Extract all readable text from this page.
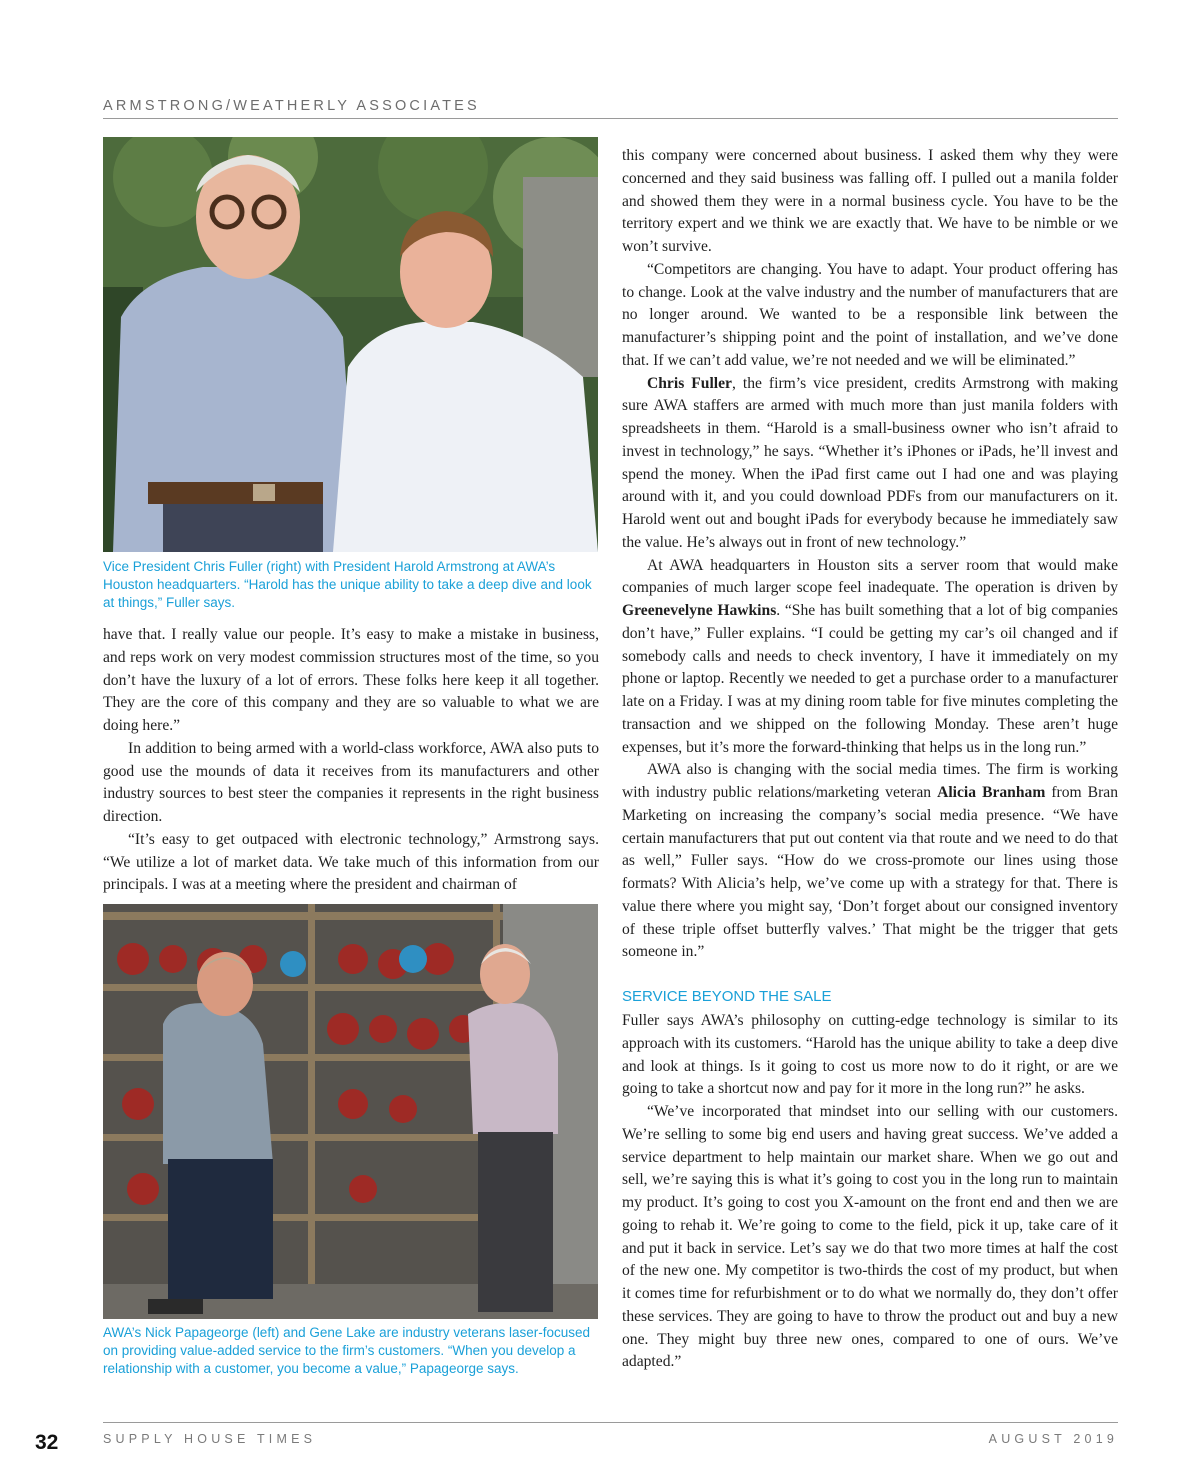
ARMSTRONG/WEATHERLY ASSOCIATES
Vice President Chris Fuller (right) with President Harold Armstrong at AWA’s Houston headquarters. “Harold has the unique ability to take a deep dive and look at things,” Fuller says.

have that. I really value our people. It’s easy to make a mistake in business, and reps work on very modest commission structures most of the time, so you don’t have the luxury of a lot of errors. These folks here keep it all together. They are the core of this company and they are so valuable to what we are doing here.”

In addition to being armed with a world-class workforce, AWA also puts to good use the mounds of data it receives from its manufacturers and other industry sources to best steer the companies it represents in the right business direction.

“It’s easy to get outpaced with electronic technology,” Armstrong says. “We utilize a lot of market data. We take much of this information from our principals. I was at a meeting where the president and chairman of

AWA’s Nick Papageorge (left) and Gene Lake are industry veterans laser-focused on providing value-added service to the firm’s customers. “When you develop a relationship with a customer, you become a value,” Papageorge says.

this company were concerned about business. I asked them why they were concerned and they said business was falling off. I pulled out a manila folder and showed them they were in a normal business cycle. You have to be the territory expert and we think we are exactly that. We have to be nimble or we won’t survive.

“Competitors are changing. You have to adapt. Your product offering has to change. Look at the valve industry and the number of manufacturers that are no longer around. We wanted to be a responsible link between the manufacturer’s shipping point and the point of installation, and we’ve done that. If we can’t add value, we’re not needed and we will be eliminated.”

Chris Fuller, the firm’s vice president, credits Armstrong with making sure AWA staffers are armed with much more than just manila folders with spreadsheets in them. “Harold is a small-business owner who isn’t afraid to invest in technology,” he says. “Whether it’s iPhones or iPads, he’ll invest and spend the money. When the iPad first came out I had one and was playing around with it, and you could download PDFs from our manufacturers on it. Harold went out and bought iPads for everybody because he immediately saw the value. He’s always out in front of new technology.”

At AWA headquarters in Houston sits a server room that would make companies of much larger scope feel inadequate. The operation is driven by Greenevelyne Hawkins. “She has built something that a lot of big companies don’t have,” Fuller explains. “I could be getting my car’s oil changed and if somebody calls and needs to check inventory, I have it immediately on my phone or laptop. Recently we needed to get a purchase order to a manufacturer late on a Friday. I was at my dining room table for five minutes completing the transaction and we shipped on the following Monday. These aren’t huge expenses, but it’s more the forward-thinking that helps us in the long run.”

AWA also is changing with the social media times. The firm is working with industry public relations/marketing veteran Alicia Branham from Bran Marketing on increasing the company’s social media presence. “We have certain manufacturers that put out content via that route and we need to do that as well,” Fuller says. “How do we cross-promote our lines using those formats? With Alicia’s help, we’ve come up with a strategy for that. There is value there where you might say, ‘Don’t forget about our consigned inventory of these triple offset butterfly valves.’ That might be the trigger that gets someone in.”

SERVICE BEYOND THE SALE

Fuller says AWA’s philosophy on cutting-edge technology is similar to its approach with its customers. “Harold has the unique ability to take a deep dive and look at things. Is it going to cost us more now to do it right, or are we going to take a shortcut now and pay for it more in the long run?” he asks.

“We’ve incorporated that mindset into our selling with our customers. We’re selling to some big end users and having great success. We’ve added a service department to help maintain our market share. When we go out and sell, we’re saying this is what it’s going to cost you in the long run to maintain my product. It’s going to cost you X-amount on the front end and then we are going to rehab it. We’re going to come to the field, pick it up, take care of it and put it back in service. Let’s say we do that two more times at half the cost of the new one. My competitor is two-thirds the cost of my product, but when it comes time for refurbishment or to do what we normally do, they don’t offer these services. They are going to have to throw the product out and buy a new one. They might buy three new ones, compared to one of ours. We’ve adapted.”

32	SUPPLY HOUSE TIMES	AUGUST 2019
